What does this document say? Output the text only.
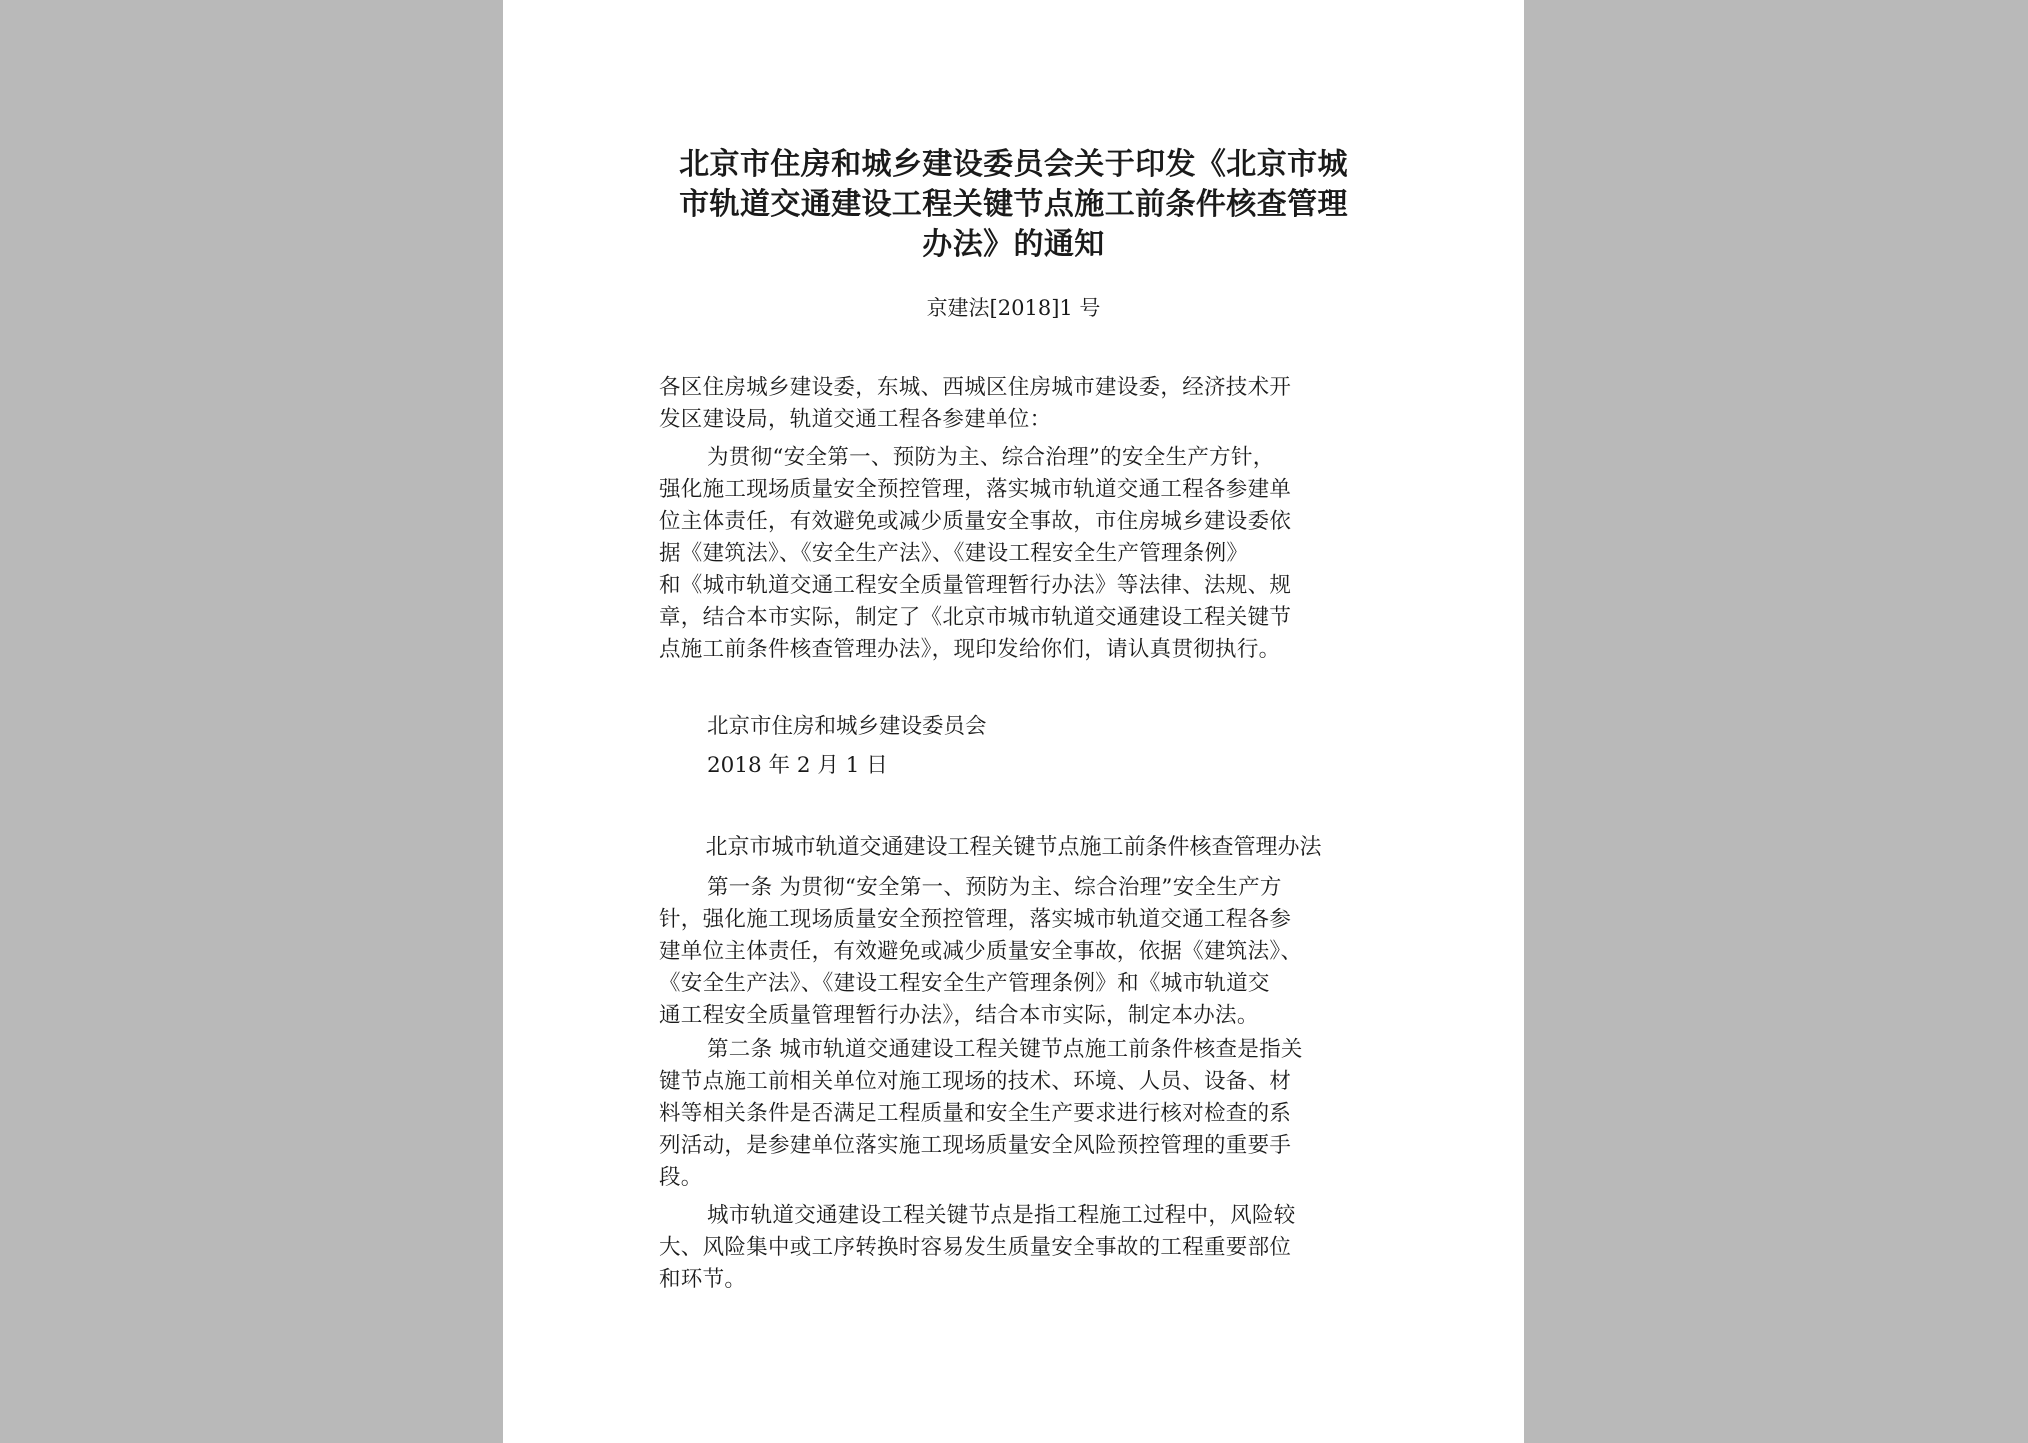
北京市住房和城乡建设委员会关于印发《北京市城
市轨道交通建设工程关键节点施工前条件核查管理
办法》的通知
京建法[2018]1 号
各区住房城乡建设委，东城、西城区住房城市建设委，经济技术开
发区建设局，轨道交通工程各参建单位：
为贯彻“安全第一、预防为主、综合治理”的安全生产方针，
强化施工现场质量安全预控管理，落实城市轨道交通工程各参建单
位主体责任，有效避免或减少质量安全事故，市住房城乡建设委依
据《建筑法》、《安全生产法》、《建设工程安全生产管理条例》
和《城市轨道交通工程安全质量管理暂行办法》等法律、法规、规
章，结合本市实际，制定了《北京市城市轨道交通建设工程关键节
点施工前条件核查管理办法》，现印发给你们，请认真贯彻执行。
北京市住房和城乡建设委员会
2018 年 2 月 1 日
北京市城市轨道交通建设工程关键节点施工前条件核查管理办法
第一条 为贯彻“安全第一、预防为主、综合治理”安全生产方
针，强化施工现场质量安全预控管理，落实城市轨道交通工程各参
建单位主体责任，有效避免或减少质量安全事故，依据《建筑法》、
《安全生产法》、《建设工程安全生产管理条例》和《城市轨道交
通工程安全质量管理暂行办法》，结合本市实际，制定本办法。
第二条 城市轨道交通建设工程关键节点施工前条件核查是指关
键节点施工前相关单位对施工现场的技术、环境、人员、设备、材
料等相关条件是否满足工程质量和安全生产要求进行核对检查的系
列活动，是参建单位落实施工现场质量安全风险预控管理的重要手
段。
城市轨道交通建设工程关键节点是指工程施工过程中，风险较
大、风险集中或工序转换时容易发生质量安全事故的工程重要部位
和环节。
